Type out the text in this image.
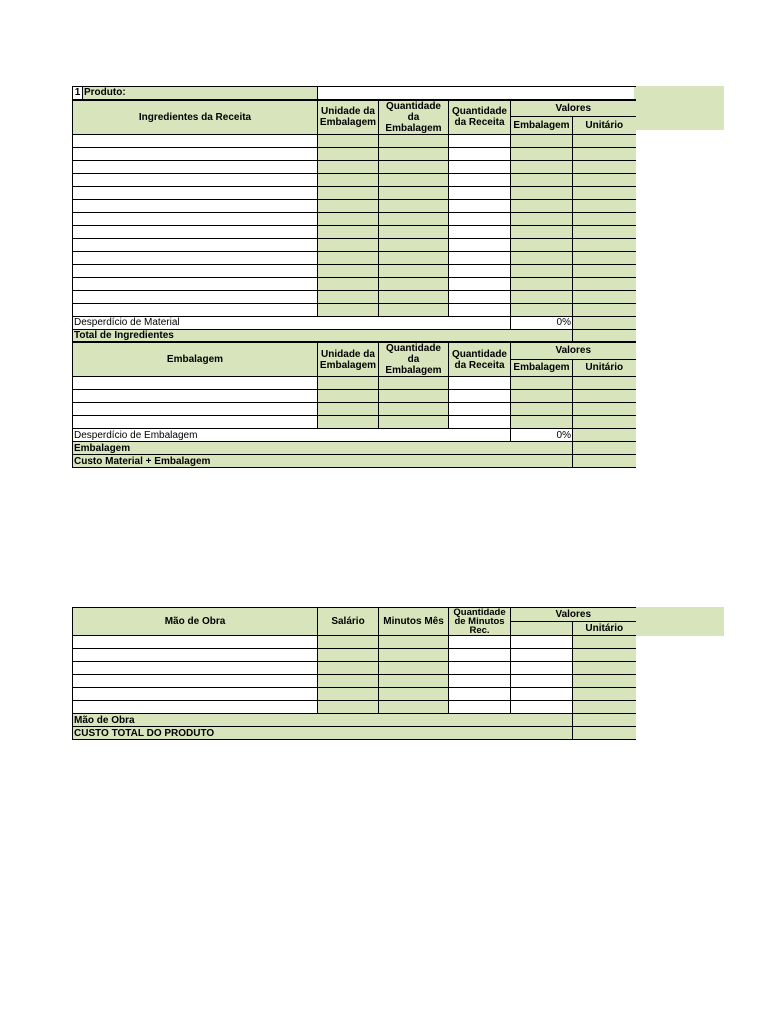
1	Produto:					
Ingredientes da Receita		Unidade da Embalagem	Quantidade da Embalagem	Quantidade da Receita	Valores	
					Embalagem	Unitário

Desperdício de Material					0%	
Total de Ingredientes						
Embalagem		Unidade da Embalagem	Quantidade da Embalagem	Quantidade da Receita	Valores	
					Embalagem	Unitário

Desperdício de Embalagem					0%	
Embalagem						
Custo Material + Embalagem						
Mão de Obra	Salário	Minutos Mês	Quantidade de Minutos Rec.	Valores	
					Unitário

Mão de Obra					
CUSTO TOTAL DO PRODUTO					
